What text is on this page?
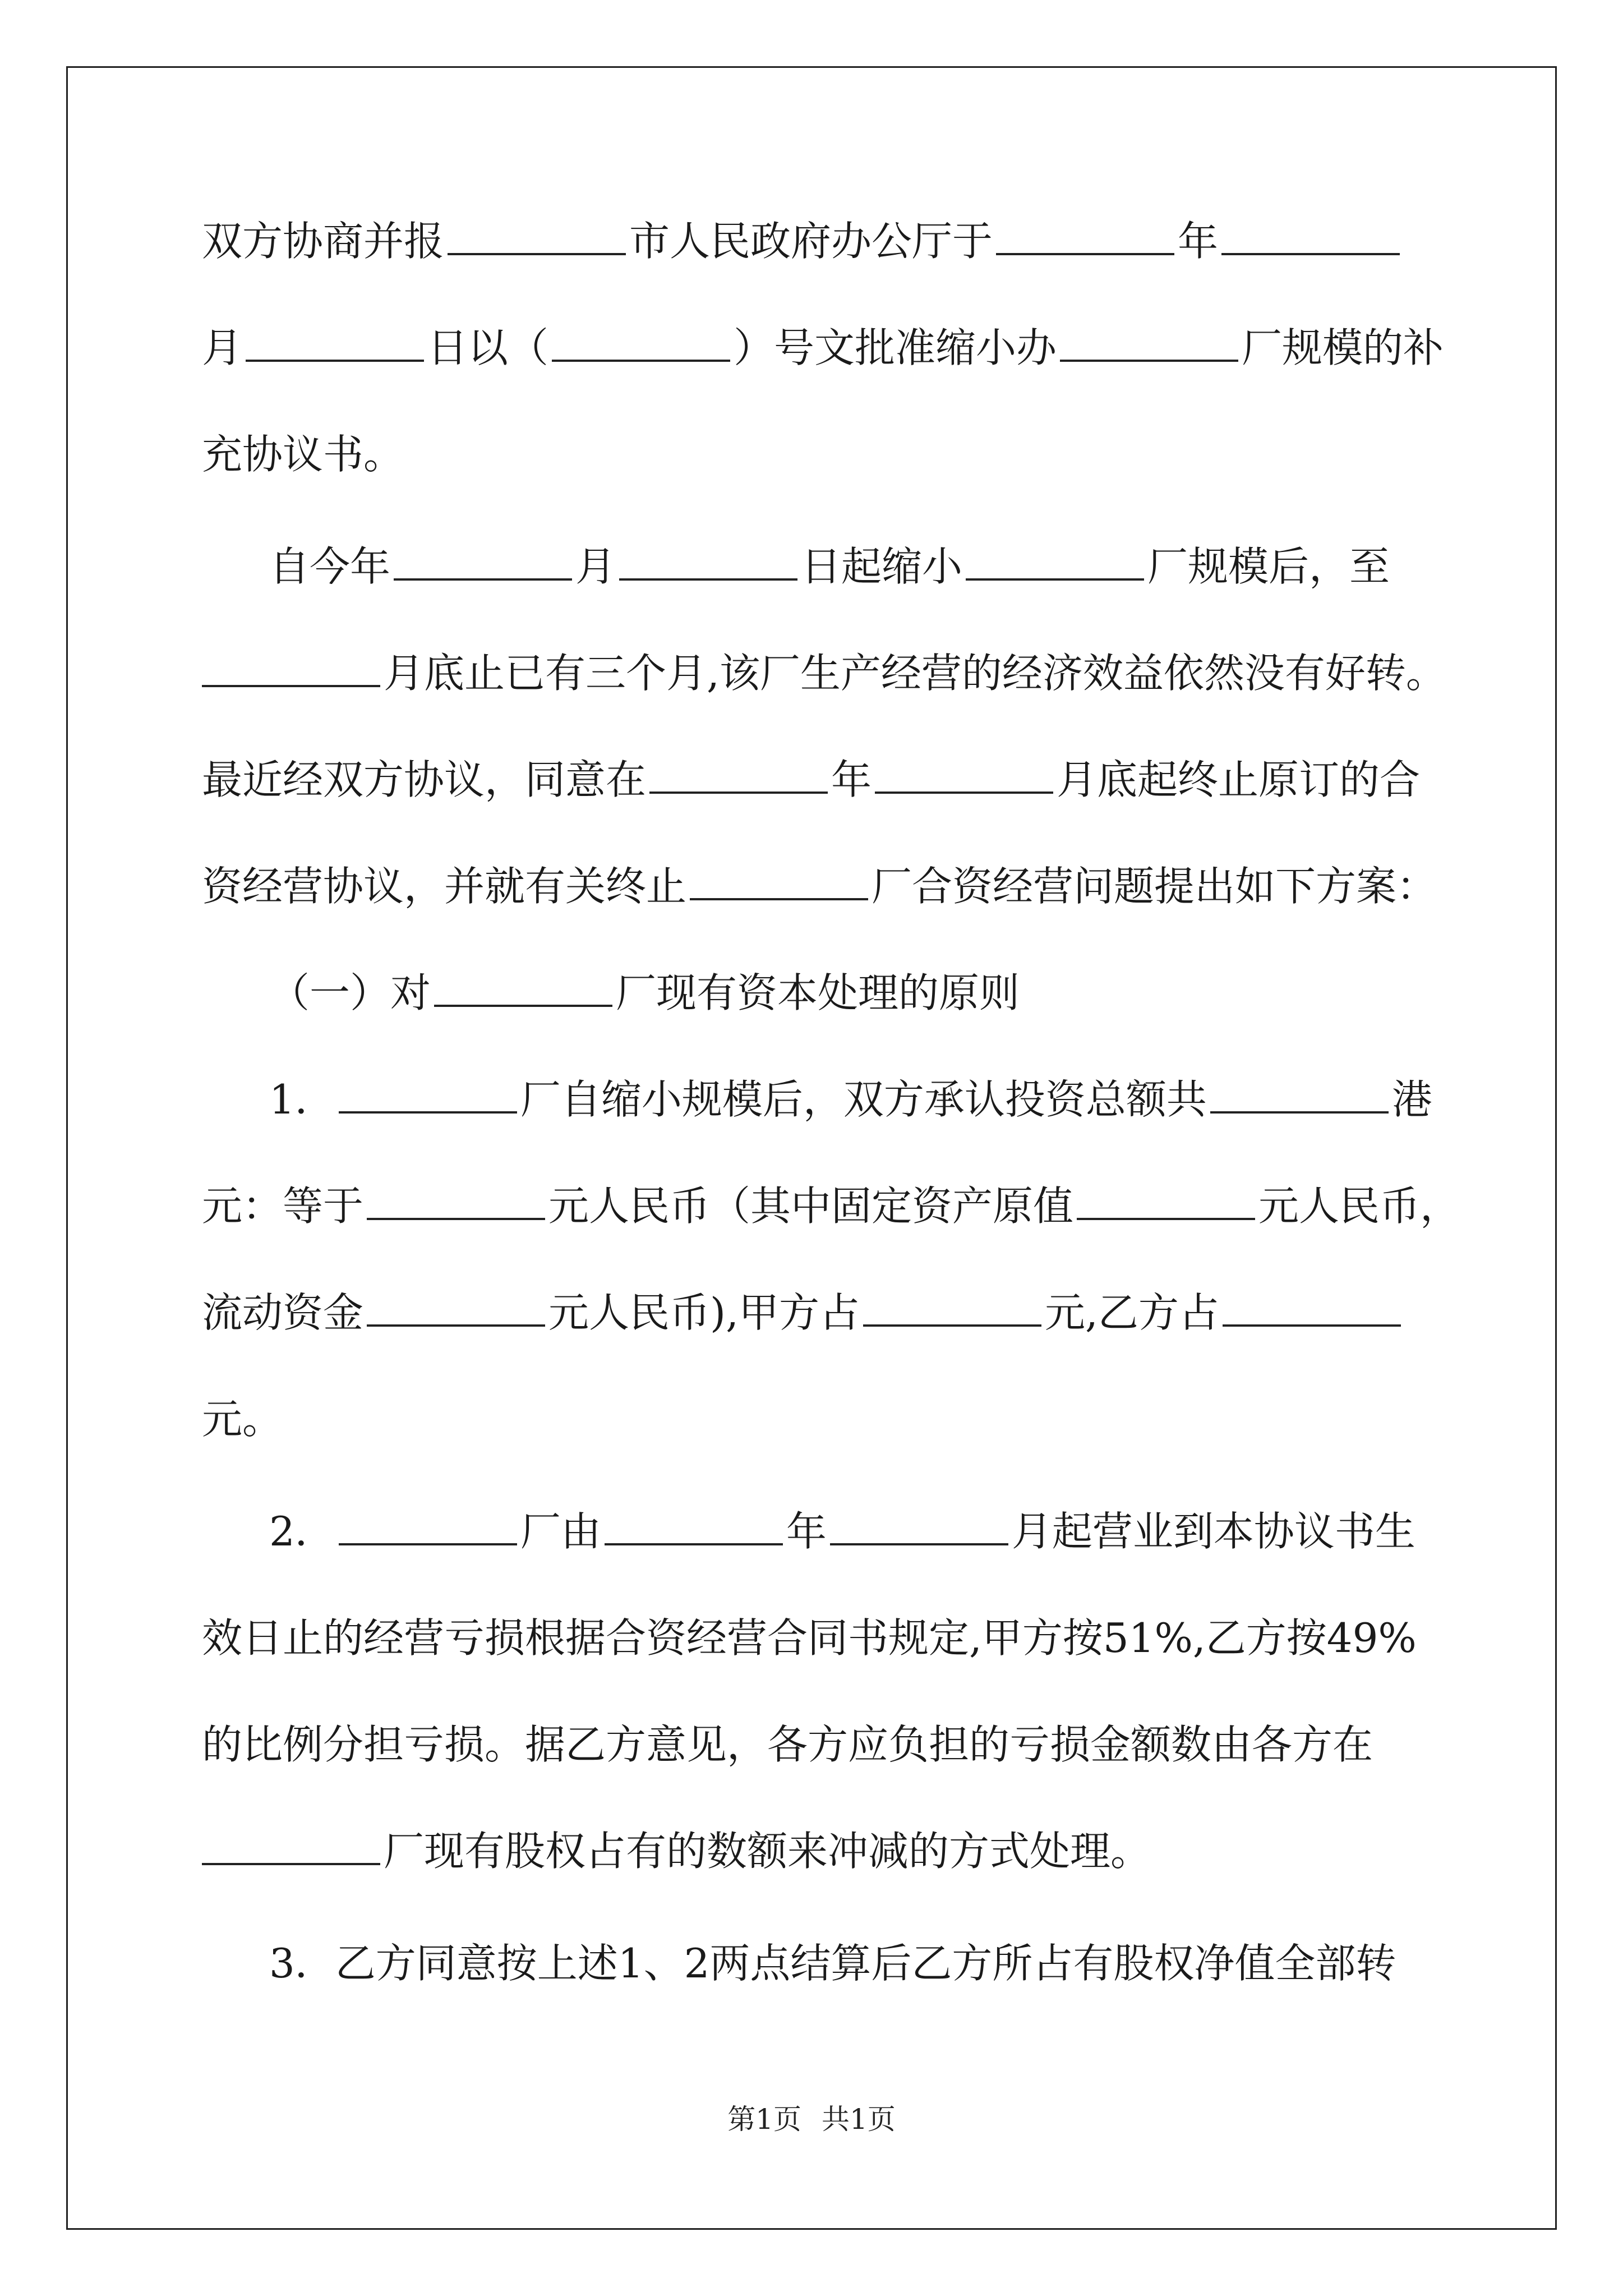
双方协商并报	市人民政府办公厅于	年
月	日以（	）号文批准缩小办	厂规模的补
充协议书。
自今年	月	日起缩小	厂规模后，至
月底止已有三个月,该厂生产经营的经济效益依然没有好转。
最近经双方协议，同意在	年	月底起终止原订的合
资经营协议，并就有关终止	厂合资经营问题提出如下方案：
（一）对	厂现有资本处理的原则
1．	厂自缩小规模后，双方承认投资总额共	港
元：等于	元人民币（其中固定资产原值	元人民币，
流动资金	元人民币),甲方占	元,乙方占
元。
2．	厂由	年	月起营业到本协议书生
效日止的经营亏损根据合资经营合同书规定,甲方按51%,乙方按49%
的比例分担亏损。据乙方意见，各方应负担的亏损金额数由各方在
厂现有股权占有的数额来冲减的方式处理。
3．乙方同意按上述1、2两点结算后乙方所占有股权净值全部转
第1页 共1页
